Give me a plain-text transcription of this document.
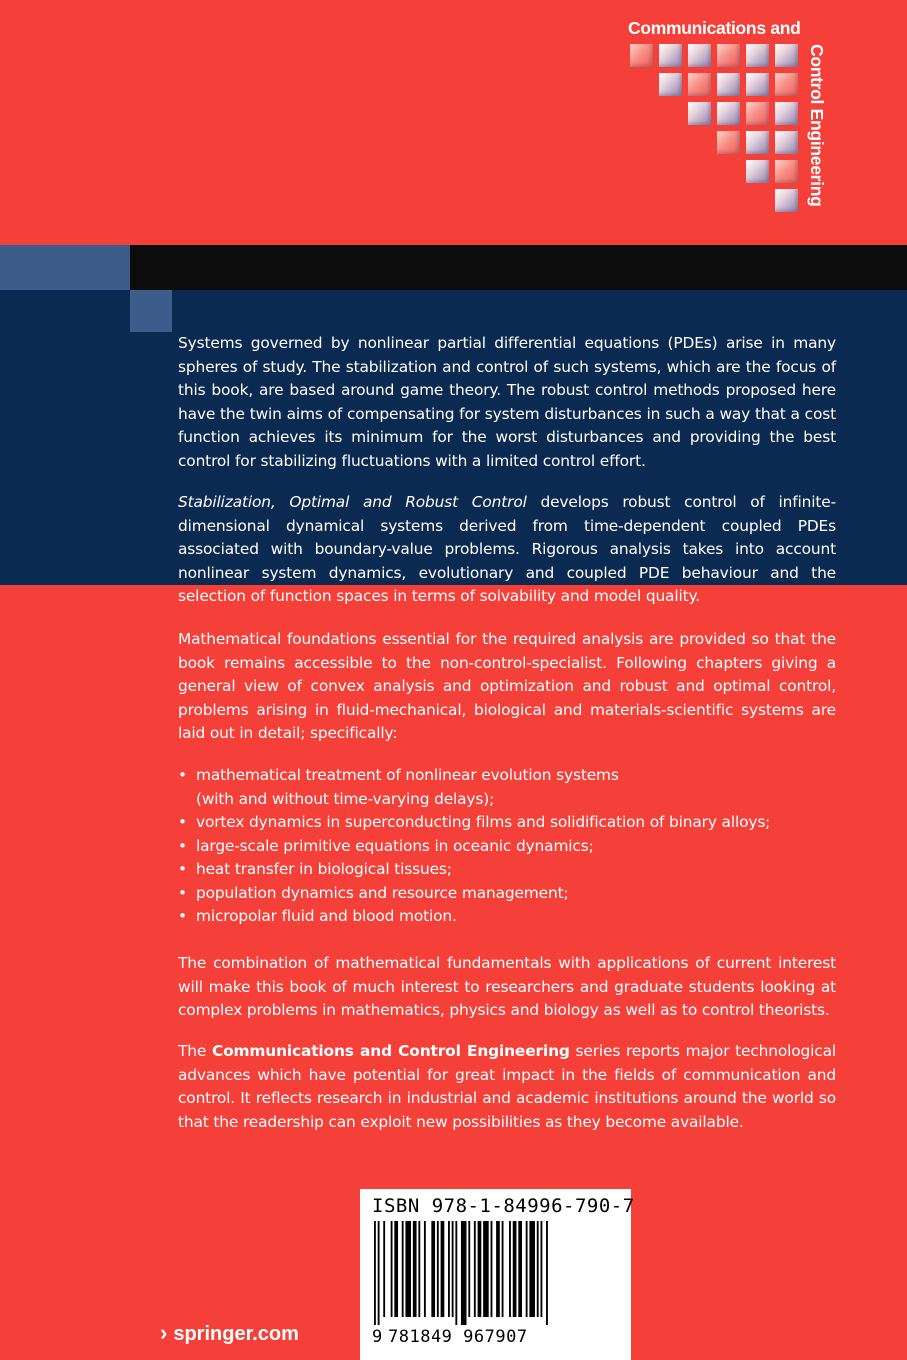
Communications and
Control Engineering

Systems governed by nonlinear partial differential equations (PDEs) arise in many spheres of study. The stabilization and control of such systems, which are the focus of this book, are based around game theory. The robust control methods proposed here have the twin aims of compensating for system disturbances in such a way that a cost function achieves its minimum for the worst disturbances and providing the best control for stabilizing fluctuations with a limited control effort.

Stabilization, Optimal and Robust Control develops robust control of infinite-dimensional dynamical systems derived from time-dependent coupled PDEs associated with boundary-value problems. Rigorous analysis takes into account nonlinear system dynamics, evolutionary and coupled PDE behaviour and the selection of function spaces in terms of solvability and model quality.

Mathematical foundations essential for the required analysis are provided so that the book remains accessible to the non-control-specialist. Following chapters giving a general view of convex analysis and optimization and robust and optimal control, problems arising in fluid-mechanical, biological and materials-scientific systems are laid out in detail; specifically:

• mathematical treatment of nonlinear evolution systems
(with and without time-varying delays);
• vortex dynamics in superconducting films and solidification of binary alloys;
• large-scale primitive equations in oceanic dynamics;
• heat transfer in biological tissues;
• population dynamics and resource management;
• micropolar fluid and blood motion.

The combination of mathematical fundamentals with applications of current interest will make this book of much interest to researchers and graduate students looking at complex problems in mathematics, physics and biology as well as to control theorists.

The Communications and Control Engineering series reports major technological advances which have potential for great impact in the fields of communication and control. It reflects research in industrial and academic institutions around the world so that the readership can exploit new possibilities as they become available.

ISBN 978-1-84996-790-7
9 781849 967907
› springer.com
